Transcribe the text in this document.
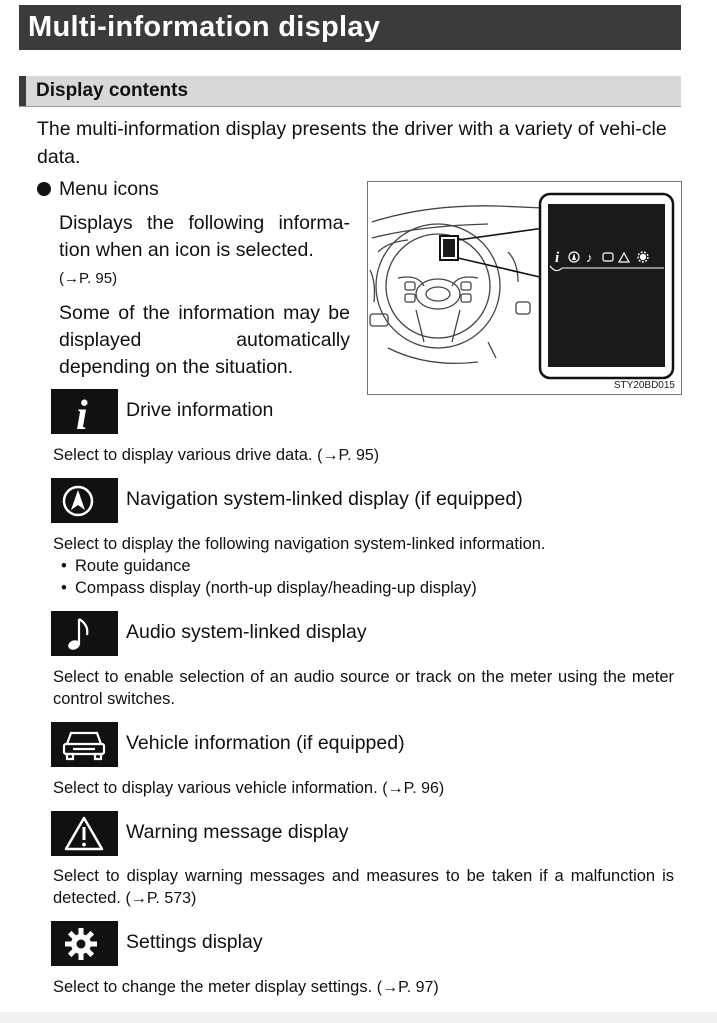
Multi-information display
Display contents
The multi-information display presents the driver with a variety of vehi-cle data.
Menu icons

Displays the following informa-tion when an icon is selected.
(→P. 95)

Some of the information may be displayed automatically depending on the situation.

i ♪
STY20BD015
i Drive information
Select to display various drive data. (→P. 95)
Navigation system-linked display (if equipped)
Select to display the following navigation system-linked information.
• Route guidance
• Compass display (north-up display/heading-up display)
Audio system-linked display
Select to enable selection of an audio source or track on the meter using the meter control switches.
Vehicle information (if equipped)
Select to display various vehicle information. (→P. 96)
Warning message display
Select to display warning messages and measures to be taken if a malfunction is detected. (→P. 573)
Settings display
Select to change the meter display settings. (→P. 97)
